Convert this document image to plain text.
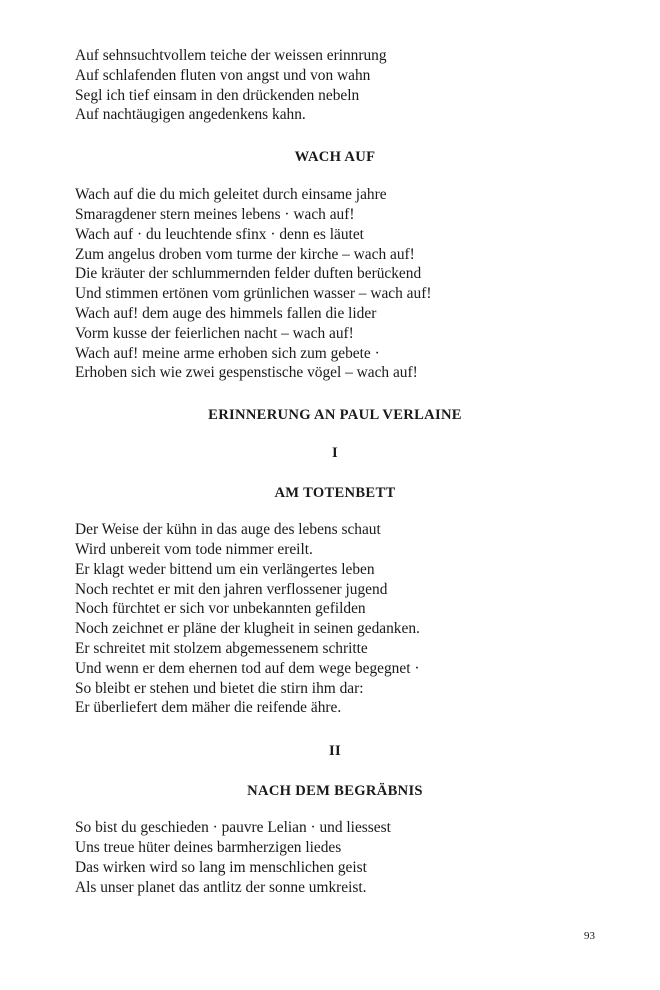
Auf sehnsuchtvollem teiche der weissen erinnrung
Auf schlafenden fluten von angst und von wahn
Segl ich tief einsam in den drückenden nebeln
Auf nachtäugigen angedenkens kahn.
WACH AUF
Wach auf die du mich geleitet durch einsame jahre
Smaragdener stern meines lebens · wach auf!
Wach auf · du leuchtende sfinx · denn es läutet
Zum angelus droben vom turme der kirche – wach auf!
Die kräuter der schlummernden felder duften berückend
Und stimmen ertönen vom grünlichen wasser – wach auf!
Wach auf! dem auge des himmels fallen die lider
Vorm kusse der feierlichen nacht – wach auf!
Wach auf! meine arme erhoben sich zum gebete ·
Erhoben sich wie zwei gespenstische vögel – wach auf!
ERINNERUNG AN PAUL VERLAINE
I
AM TOTENBETT
Der Weise der kühn in das auge des lebens schaut
Wird unbereit vom tode nimmer ereilt.
Er klagt weder bittend um ein verlängertes leben
Noch rechtet er mit den jahren verflossener jugend
Noch fürchtet er sich vor unbekannten gefilden
Noch zeichnet er pläne der klugheit in seinen gedanken.
Er schreitet mit stolzem abgemessenem schritte
Und wenn er dem ehernen tod auf dem wege begegnet ·
So bleibt er stehen und bietet die stirn ihm dar:
Er überliefert dem mäher die reifende ähre.
II
NACH DEM BEGRÄBNIS
So bist du geschieden · pauvre Lelian · und liessest
Uns treue hüter deines barmherzigen liedes
Das wirken wird so lang im menschlichen geist
Als unser planet das antlitz der sonne umkreist.
93
